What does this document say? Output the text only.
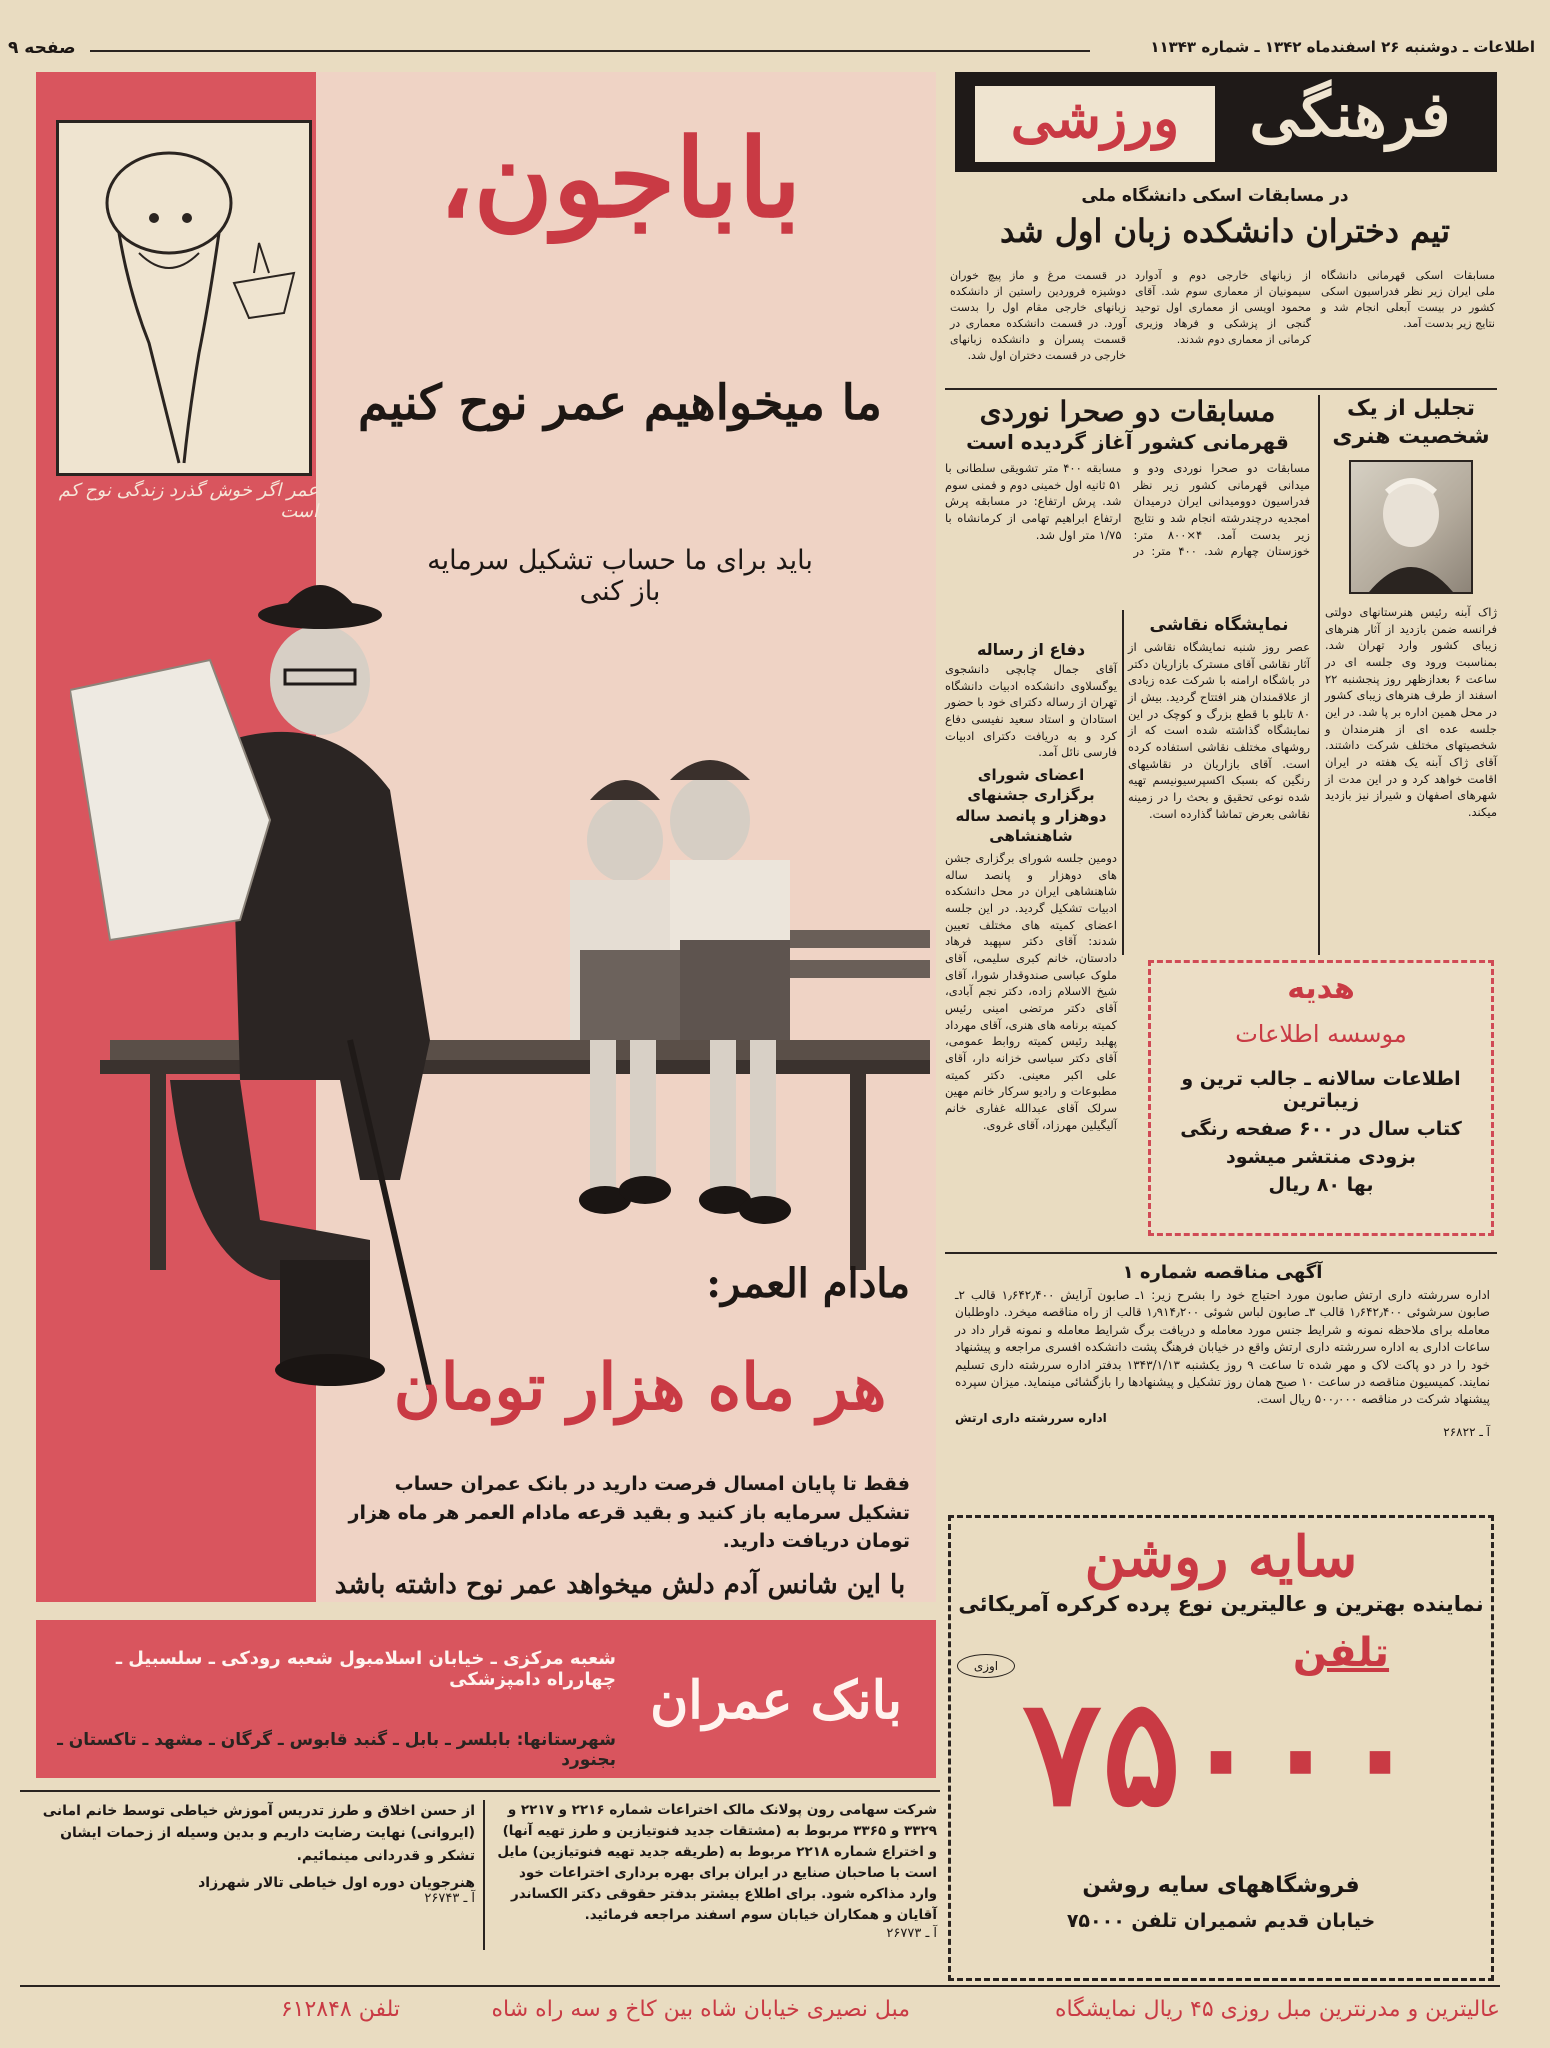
صفحه ۹	اطلاعات ـ دوشنبه ۲۶ اسفندماه ۱۳۴۲ ـ شماره ۱۱۳۴۳
عمر اگر خوش گذرد زندگی نوح کم است
باباجون،
ما میخواهیم عمر نوح کنیم
باید برای ما حساب تشکیل سرمایه باز کنی
مادام العمر:
هر ماه هزار تومان
فقط تا پایان امسال فرصت دارید در بانک عمران حساب تشکیل سرمایه باز کنید و بقید قرعه مادام العمر هر ماه هزار تومان دریافت دارید.
با این شانس آدم دلش میخواهد عمر نوح داشته باشد
شعبه مرکزی ـ خیابان اسلامبول شعبه رودکی ـ سلسبیل ـ چهارراه دامپزشکی
شهرستانها: بابلسر ـ بابل ـ گنبد قابوس ـ گرگان ـ مشهد ـ تاکستان ـ بجنورد
بانک عمران
از حسن اخلاق و طرز تدریس آموزش خیاطی توسط خانم امانی (ایروانی) نهایت رضایت داریم و بدین وسیله از زحمات ایشان تشکر و قدردانی مینمائیم.
هنرجویان دوره اول خیاطی تالار شهرزاد
آ ـ ۲۶۷۴۳
شرکت سهامی رون پولانک مالک اختراعات شماره ۲۲۱۶ و ۲۲۱۷ و ۳۳۲۹ و ۳۳۶۵ مربوط به (مشتقات جدید فنوتیازین و طرز تهیه آنها) و اختراع شماره ۲۲۱۸ مربوط به (طریقه جدید تهیه فنوتیازین) مایل است با صاحبان صنایع در ایران برای بهره برداری اختراعات خود وارد مذاکره شود. برای اطلاع بیشتر بدفتر حقوقی دکتر الکساندر آقایان و همکاران خیابان سوم اسفند مراجعه فرمائید.
آ ـ ۲۶۷۷۳
فرهنگی
ورزشی
در مسابقات اسکی دانشگاه ملی
تیم دختران دانشکده زبان اول شد
مسابقات اسکی قهرمانی دانشگاه ملی ایران زیر نظر فدراسیون اسکی کشور در بیست آبعلی انجام شد و نتایج زیر بدست آمد.
از زبانهای خارجی دوم و آدوارد سیمونیان از معماری سوم شد. آقای محمود اویسی از معماری اول توحید گنجی از پزشکی و فرهاد وزیری کرمانی از معماری دوم شدند.
در قسمت مرغ و ماز پیچ خوران دوشیزه فروردین راستین از دانشکده زبانهای خارجی مقام اول را بدست آورد. در قسمت دانشکده معماری در قسمت پسران و دانشکده زبانهای خارجی در قسمت دختران اول شد.
تجلیل از یک شخصیت هنری
ژاک آبنه رئیس هنرستانهای دولتی فرانسه ضمن بازدید از آثار هنرهای زیبای کشور وارد تهران شد. بمناسبت ورود وی جلسه ای در ساعت ۶ بعدازظهر روز پنجشنبه ۲۲ اسفند از طرف هنرهای زیبای کشور در محل همین اداره بر پا شد. در این جلسه عده ای از هنرمندان و شخصیتهای مختلف شرکت داشتند. آقای ژاک آبنه یک هفته در ایران اقامت خواهد کرد و در این مدت از شهرهای اصفهان و شیراز نیز بازدید میکند.
مسابقات دو صحرا نوردی
قهرمانی کشور آغاز گردیده است
مسابقات دو صحرا نوردی ودو و میدانی قهرمانی کشور زیر نظر فدراسیون دوومیدانی ایران درمیدان امجدیه درچندرشته انجام شد و نتایج زیر بدست آمد. ۴×۸۰۰ متر: خوزستان چهارم شد. ۴۰۰ متر: در مسابقه ۴۰۰ متر تشویقی سلطانی با ۵۱ ثانیه اول خمینی دوم و فمنی سوم شد. پرش ارتفاع: در مسابقه پرش ارتفاع ابراهیم تهامی از کرمانشاه با ۱/۷۵ متر اول شد.
نمایشگاه نقاشی
عصر روز شنبه نمایشگاه نقاشی از آثار نقاشی آقای مسترک بازاریان دکتر در باشگاه ارامنه با شرکت عده زیادی از علاقمندان هنر افتتاح گردید. بیش از ۸۰ تابلو با قطع بزرگ و کوچک در این نمایشگاه گذاشته شده است که از روشهای مختلف نقاشی استفاده کرده است. آقای بازاریان در نقاشیهای رنگین که بسبک اکسپرسیونیسم تهیه شده نوعی تحقیق و بحث را در زمینه نقاشی بعرض تماشا گذارده است.
دفاع از رساله
آقای جمال چابچی دانشجوی یوگسلاوی دانشکده ادبیات دانشگاه تهران از رساله دکترای خود با حضور استادان و استاد سعید نفیسی دفاع کرد و به دریافت دکترای ادبیات فارسی نائل آمد.
اعضای شورای برگزاری جشنهای دوهزار و پانصد ساله شاهنشاهی
دومین جلسه شورای برگزاری جشن های دوهزار و پانصد ساله شاهنشاهی ایران در محل دانشکده ادبیات تشکیل گردید. در این جلسه اعضای کمیته های مختلف تعیین شدند: آقای دکتر سپهبد فرهاد دادستان، خانم کبری سلیمی، آقای ملوک عباسی صندوقدار شورا، آقای شیخ الاسلام زاده، دکتر نجم آبادی، آقای دکتر مرتضی امینی رئیس کمیته برنامه های هنری، آقای مهرداد پهلبد رئیس کمیته روابط عمومی، آقای دکتر سیاسی خزانه دار، آقای علی اکبر معینی. دکتر کمیته مطبوعات و رادیو سرکار خانم مهین سرلک آقای عبدالله غفاری خانم آلیگیلین مهرزاد، آقای غروی.
هدیه
موسسه اطلاعات
اطلاعات سالانه ـ جالب ترین و زیباترین
کتاب سال در ۶۰۰ صفحه رنگی
بزودی منتشر میشود
بها ۸۰ ریال
آگهی مناقصه شماره ۱
اداره سررشته داری ارتش صابون مورد احتیاج خود را بشرح زیر: ۱ـ صابون آرایش ۱٫۶۴۲٫۴۰۰ قالب ۲ـ صابون سرشوئی ۱٫۶۴۲٫۴۰۰ قالب ۳ـ صابون لباس شوئی ۱٫۹۱۴٫۲۰۰ قالب از راه مناقصه میخرد. داوطلبان معامله برای ملاحظه نمونه و شرایط جنس مورد معامله و دریافت برگ شرایط معامله و نمونه قرار داد در ساعات اداری به اداره سررشته داری ارتش واقع در خیابان فرهنگ پشت دانشکده افسری مراجعه و پیشنهاد خود را در دو پاکت لاک و مهر شده تا ساعت ۹ روز یکشنبه ۱۳۴۳/۱/۱۳ بدفتر اداره سررشته داری تسلیم نمایند. کمیسیون مناقصه در ساعت ۱۰ صبح همان روز تشکیل و پیشنهادها را بازگشائی مینماید. میزان سپرده پیشنهاد شرکت در مناقصه ۵۰۰٫۰۰۰ ریال است.
اداره سررشته داری ارتش
آ ـ ۲۶۸۲۲
سایه روشن
نماینده بهترین و عالیترین نوع پرده کرکره آمریکائی
تلفن
۷۵۰۰۰
اوزی
فروشگاههای سایه روشن
خیابان قدیم شمیران تلفن ۷۵۰۰۰
عالیترین و مدرنترین مبل روزی ۴۵ ریال نمایشگاه
مبل نصیری خیابان شاه بین کاخ و سه راه شاه
تلفن ۶۱۲۸۴۸
